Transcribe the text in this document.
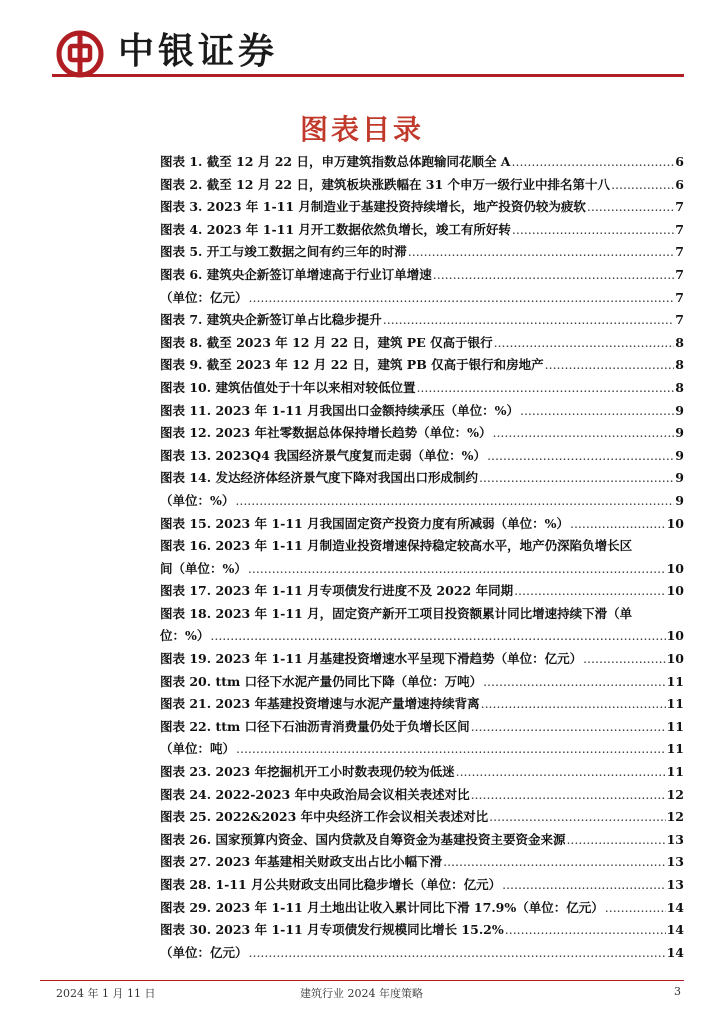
中银证券
图表目录
图表 1. 截至 12 月 22 日，申万建筑指数总体跑输同花顺全 A .....	6
图表 2. 截至 12 月 22 日，建筑板块涨跌幅在 31 个申万一级行业中排名第十八 .....	6
图表 3. 2023 年 1-11 月制造业于基建投资持续增长，地产投资仍较为疲软 .....	7
图表 4. 2023 年 1-11 月开工数据依然负增长，竣工有所好转 .....	7
图表 5. 开工与竣工数据之间有约三年的时滞 .....	7
图表 6. 建筑央企新签订单增速高于行业订单增速 .....	7
（单位：亿元） .....	7
图表 7. 建筑央企新签订单占比稳步提升 .....	7
图表 8. 截至 2023 年 12 月 22 日，建筑 PE 仅高于银行 .....	8
图表 9. 截至 2023 年 12 月 22 日，建筑 PB 仅高于银行和房地产 .....	8
图表 10. 建筑估值处于十年以来相对较低位置 .....	8
图表 11. 2023 年 1-11 月我国出口金额持续承压（单位：%） .....	9
图表 12. 2023 年社零数据总体保持增长趋势（单位：%） .....	9
图表 13. 2023Q4 我国经济景气度复而走弱（单位：%） .....	9
图表 14. 发达经济体经济景气度下降对我国出口形成制约 .....	9
（单位：%） .....	9
图表 15. 2023 年 1-11 月我国固定资产投资力度有所减弱（单位：%） .....	10
图表 16. 2023 年 1-11 月制造业投资增速保持稳定较高水平，地产仍深陷负增长区
间（单位：%） .....	10
图表 17. 2023 年 1-11 月专项债发行进度不及 2022 年同期 .....	10
图表 18. 2023 年 1-11 月，固定资产新开工项目投资额累计同比增速持续下滑（单
位：%） .....	10
图表 19. 2023 年 1-11 月基建投资增速水平呈现下滑趋势（单位：亿元） .....	10
图表 20. ttm 口径下水泥产量仍同比下降（单位：万吨） .....	11
图表 21. 2023 年基建投资增速与水泥产量增速持续背离 .....	11
图表 22. ttm 口径下石油沥青消费量仍处于负增长区间 .....	11
（单位：吨） .....	11
图表 23. 2023 年挖掘机开工小时数表现仍较为低迷 .....	11
图表 24. 2022-2023 年中央政治局会议相关表述对比 .....	12
图表 25. 2022&2023 年中央经济工作会议相关表述对比 .....	12
图表 26. 国家预算内资金、国内贷款及自筹资金为基建投资主要资金来源 .....	13
图表 27. 2023 年基建相关财政支出占比小幅下滑 .....	13
图表 28. 1-11 月公共财政支出同比稳步增长（单位：亿元） .....	13
图表 29. 2023 年 1-11 月土地出让收入累计同比下滑 17.9%（单位：亿元） .....	14
图表 30. 2023 年 1-11 月专项债发行规模同比增长 15.2% .....	14
（单位：亿元） .....	14
2024 年 1 月 11 日	建筑行业 2024 年度策略	3
